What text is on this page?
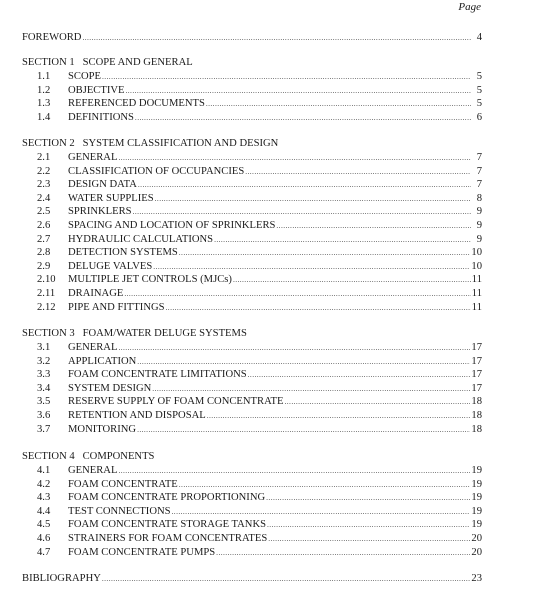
Page
FOREWORD .....	4
SECTION 1   SCOPE AND GENERAL
1.1	SCOPE .....	5
1.2	OBJECTIVE .....	5
1.3	REFERENCED DOCUMENTS .....	5
1.4	DEFINITIONS .....	6
SECTION 2   SYSTEM CLASSIFICATION AND DESIGN
2.1	GENERAL .....	7
2.2	CLASSIFICATION OF OCCUPANCIES .....	7
2.3	DESIGN DATA .....	7
2.4	WATER SUPPLIES .....	8
2.5	SPRINKLERS .....	9
2.6	SPACING AND LOCATION OF SPRINKLERS .....	9
2.7	HYDRAULIC CALCULATIONS .....	9
2.8	DETECTION SYSTEMS .....	10
2.9	DELUGE VALVES .....	10
2.10	MULTIPLE JET CONTROLS (MJCs) .....	11
2.11	DRAINAGE .....	11
2.12	PIPE AND FITTINGS .....	11
SECTION 3   FOAM/WATER DELUGE SYSTEMS
3.1	GENERAL .....	17
3.2	APPLICATION .....	17
3.3	FOAM CONCENTRATE LIMITATIONS .....	17
3.4	SYSTEM DESIGN .....	17
3.5	RESERVE SUPPLY OF FOAM CONCENTRATE .....	18
3.6	RETENTION AND DISPOSAL .....	18
3.7	MONITORING .....	18
SECTION 4   COMPONENTS
4.1	GENERAL .....	19
4.2	FOAM CONCENTRATE .....	19
4.3	FOAM CONCENTRATE PROPORTIONING .....	19
4.4	TEST CONNECTIONS .....	19
4.5	FOAM CONCENTRATE STORAGE TANKS .....	19
4.6	STRAINERS FOR FOAM CONCENTRATES .....	20
4.7	FOAM CONCENTRATE PUMPS .....	20
BIBLIOGRAPHY .....	23
